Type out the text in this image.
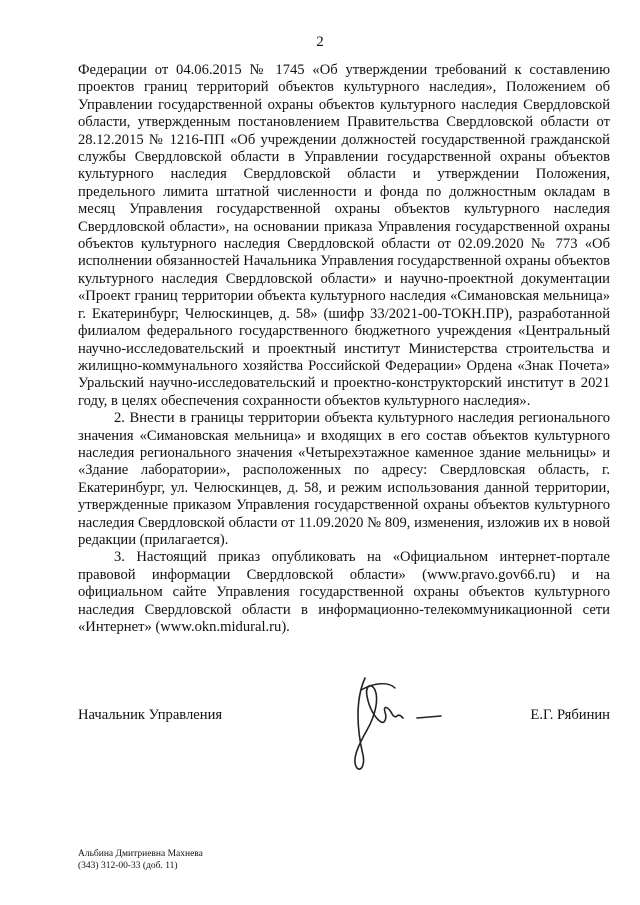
2

Федерации от 04.06.2015 № 1745 «Об утверждении требований к составлению проектов границ территорий объектов культурного наследия», Положением об Управлении государственной охраны объектов культурного наследия Свердловской области, утвержденным постановлением Правительства Свердловской области от 28.12.2015 № 1216-ПП «Об учреждении должностей государственной гражданской службы Свердловской области в Управлении государственной охраны объектов культурного наследия Свердловской области и утверждении Положения, предельного лимита штатной численности и фонда по должностным окладам в месяц Управления государственной охраны объектов культурного наследия Свердловской области», на основании приказа Управления государственной охраны объектов культурного наследия Свердловской области от 02.09.2020 № 773 «Об исполнении обязанностей Начальника Управления государственной охраны объектов культурного наследия Свердловской области» и научно-проектной документации «Проект границ территории объекта культурного наследия «Симановская мельница» г. Екатеринбург, Челюскинцев, д. 58» (шифр 33/2021-00-ТОКН.ПР), разработанной филиалом федерального государственного бюджетного учреждения «Центральный научно-исследовательский и проектный институт Министерства строительства и жилищно-коммунального хозяйства Российской Федерации» Ордена «Знак Почета» Уральский научно-исследовательский и проектно-конструкторский институт в 2021 году, в целях обеспечения сохранности объектов культурного наследия».

2. Внести в границы территории объекта культурного наследия регионального значения «Симановская мельница» и входящих в его состав объектов культурного наследия регионального значения «Четырехэтажное каменное здание мельницы» и «Здание лаборатории», расположенных по адресу: Свердловская область, г. Екатеринбург, ул. Челюскинцев, д. 58, и режим использования данной территории, утвержденные приказом Управления государственной охраны объектов культурного наследия Свердловской области от 11.09.2020 № 809, изменения, изложив их в новой редакции (прилагается).

3. Настоящий приказ опубликовать на «Официальном интернет-портале правовой информации Свердловской области» (www.pravo.gov66.ru) и на официальном сайте Управления государственной охраны объектов культурного наследия Свердловской области в информационно-телекоммуникационной сети «Интернет» (www.okn.midural.ru).

Начальник Управления	Е.Г. Рябинин
Альбина Дмитриевна Махнева
(343) 312-00-33 (доб. 11)
